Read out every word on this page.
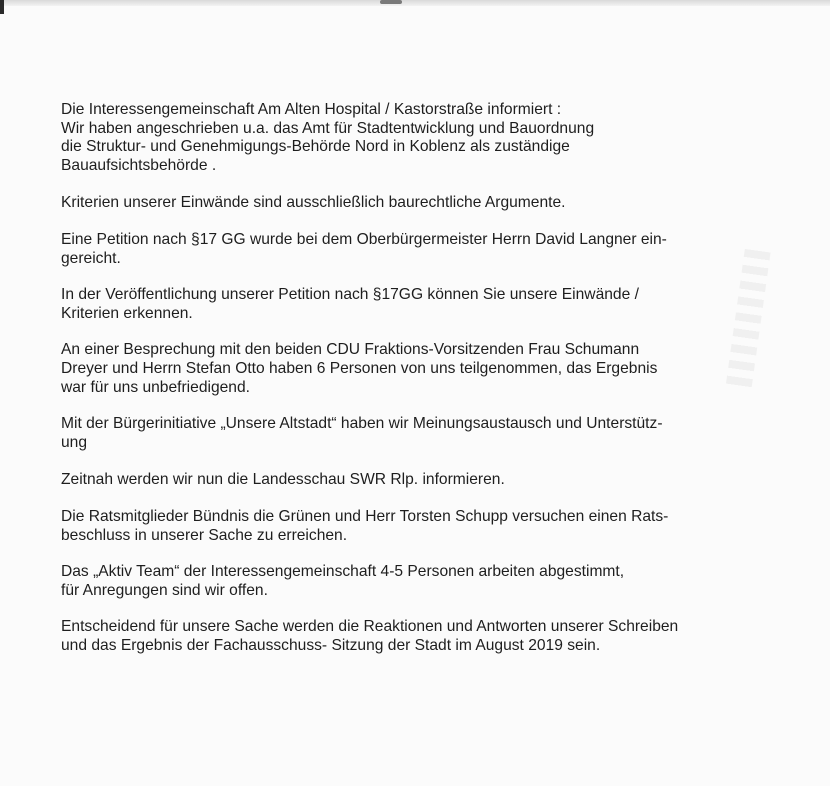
Die Interessengemeinschaft Am Alten Hospital / Kastorstraße informiert :
Wir haben angeschrieben u.a. das Amt für Stadtentwicklung und Bauordnung
die Struktur- und Genehmigungs-Behörde Nord in Koblenz als zuständige
Bauaufsichtsbehörde .

Kriterien unserer Einwände sind ausschließlich baurechtliche Argumente.

Eine Petition nach §17 GG wurde bei dem Oberbürgermeister Herrn David Langner ein-
gereicht.

In der Veröffentlichung unserer Petition nach §17GG können Sie unsere Einwände /
Kriterien erkennen.

An einer Besprechung mit den beiden CDU Fraktions-Vorsitzenden Frau Schumann
Dreyer und Herrn Stefan Otto haben 6 Personen von uns teilgenommen, das Ergebnis
war für uns unbefriedigend.

Mit der Bürgerinitiative „Unsere Altstadt“ haben wir Meinungsaustausch und Unterstütz-
ung

Zeitnah werden wir nun die Landesschau SWR Rlp. informieren.

Die Ratsmitglieder Bündnis die Grünen und Herr Torsten Schupp versuchen einen Rats-
beschluss in unserer Sache zu erreichen.

Das „Aktiv Team“ der Interessengemeinschaft 4-5 Personen arbeiten abgestimmt,
für Anregungen sind wir offen.

Entscheidend für unsere Sache werden die Reaktionen und Antworten unserer Schreiben
und das Ergebnis der Fachausschuss- Sitzung der Stadt im August 2019 sein.
